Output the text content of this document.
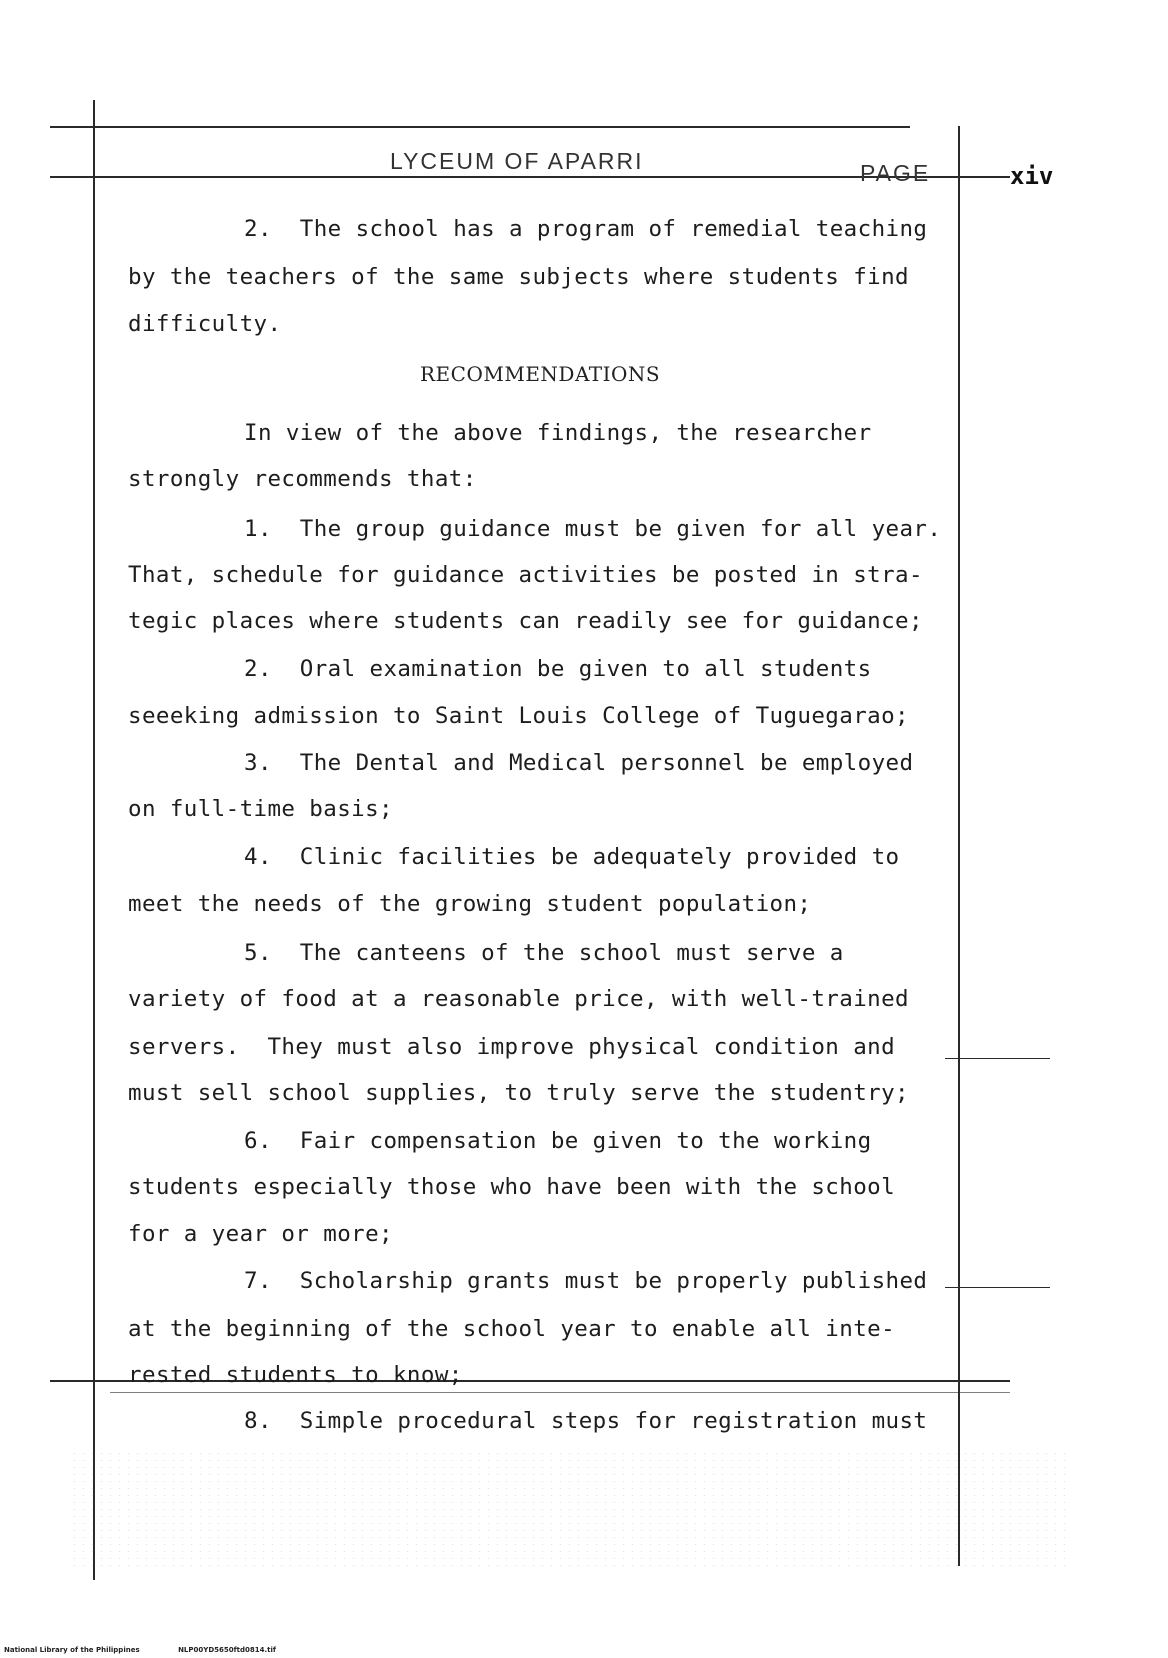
LYCEUM OF APARRI	PAGE	xiv
2.  The school has a program of remedial teaching
by the teachers of the same subjects where students find
difficulty.
RECOMMENDATIONS
In view of the above findings, the researcher
strongly recommends that:
1.  The group guidance must be given for all year.
That, schedule for guidance activities be posted in stra-
tegic places where students can readily see for guidance;
2.  Oral examination be given to all students
seeeking admission to Saint Louis College of Tuguegarao;
3.  The Dental and Medical personnel be employed
on full-time basis;
4.  Clinic facilities be adequately provided to
meet the needs of the growing student population;
5.  The canteens of the school must serve a
variety of food at a reasonable price, with well-trained
servers.  They must also improve physical condition and
must sell school supplies, to truly serve the studentry;
6.  Fair compensation be given to the working
students especially those who have been with the school
for a year or more;
7.  Scholarship grants must be properly published
at the beginning of the school year to enable all inte-
rested students to know;
8.  Simple procedural steps for registration must
National Library of the Philippines	NLP00YD5650ftd0814.tif
